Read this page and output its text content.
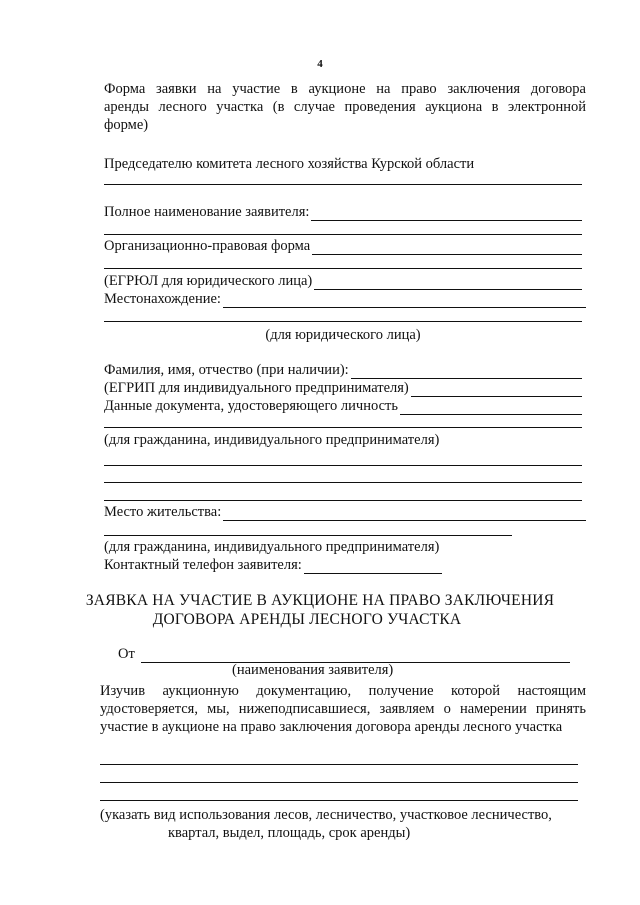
4
Форма заявки на участие в аукционе на право заключения договора аренды лесного участка (в случае проведения аукциона в электронной форме)
Председателю комитета лесного хозяйства Курской области
Полное наименование заявителя:
Организационно-правовая форма
(ЕГРЮЛ для юридического лица)
Местонахождение:
(для юридического лица)
Фамилия, имя, отчество (при наличии):
(ЕГРИП для индивидуального предпринимателя)
Данные документа, удостоверяющего личность
(для гражданина, индивидуального предпринимателя)
Место жительства:
(для гражданина, индивидуального предпринимателя)
Контактный телефон заявителя:
ЗАЯВКА НА УЧАСТИЕ В АУКЦИОНЕ НА ПРАВО ЗАКЛЮЧЕНИЯ
ДОГОВОРА АРЕНДЫ ЛЕСНОГО УЧАСТКА
От
(наименования заявителя)
Изучив аукционную документацию, получение которой настоящим удостоверяется, мы, нижеподписавшиеся, заявляем о намерении принять участие в аукционе на право заключения договора аренды лесного участка
(указать вид использования лесов, лесничество, участковое лесничество,
квартал, выдел, площадь, срок аренды)
